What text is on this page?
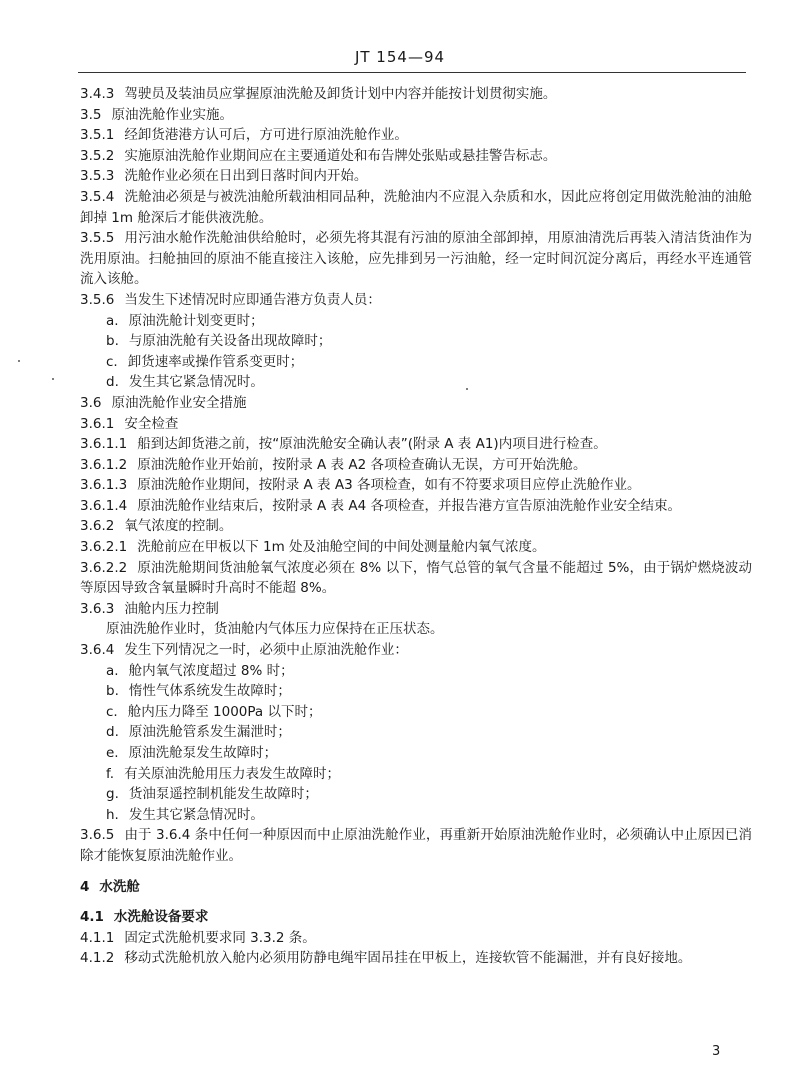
JT 154—94
3.4.3 驾驶员及装油员应掌握原油洗舱及卸货计划中内容并能按计划贯彻实施。
3.5 原油洗舱作业实施。
3.5.1 经卸货港港方认可后，方可进行原油洗舱作业。
3.5.2 实施原油洗舱作业期间应在主要通道处和布告牌处张贴或悬挂警告标志。
3.5.3 洗舱作业必须在日出到日落时间内开始。
3.5.4 洗舱油必须是与被洗油舱所载油相同品种，洗舱油内不应混入杂质和水，因此应将创定用做洗舱油的油舱卸掉 1m 舱深后才能供液洗舱。
3.5.5 用污油水舱作洗舱油供给舱时，必须先将其混有污油的原油全部卸掉，用原油清洗后再装入清洁货油作为洗用原油。扫舱抽回的原油不能直接注入该舱，应先排到另一污油舱，经一定时间沉淀分离后，再经水平连通管流入该舱。
3.5.6 当发生下述情况时应即通告港方负责人员：
a. 原油洗舱计划变更时；
b. 与原油洗舱有关设备出现故障时；
c. 卸货速率或操作管系变更时；
d. 发生其它紧急情况时。
3.6 原油洗舱作业安全措施
3.6.1 安全检查
3.6.1.1 船到达卸货港之前，按“原油洗舱安全确认表”(附录 A 表 A1)内项目进行检查。
3.6.1.2 原油洗舱作业开始前，按附录 A 表 A2 各项检查确认无误，方可开始洗舱。
3.6.1.3 原油洗舱作业期间，按附录 A 表 A3 各项检查，如有不符要求项目应停止洗舱作业。
3.6.1.4 原油洗舱作业结束后，按附录 A 表 A4 各项检查，并报告港方宣告原油洗舱作业安全结束。
3.6.2 氧气浓度的控制。
3.6.2.1 洗舱前应在甲板以下 1m 处及油舱空间的中间处测量舱内氧气浓度。
3.6.2.2 原油洗舱期间货油舱氧气浓度必须在 8% 以下，惰气总管的氧气含量不能超过 5%，由于锅炉燃烧波动等原因导致含氧量瞬时升高时不能超 8%。
3.6.3 油舱内压力控制
原油洗舱作业时，货油舱内气体压力应保持在正压状态。
3.6.4 发生下列情况之一时，必须中止原油洗舱作业：
a. 舱内氧气浓度超过 8% 时；
b. 惰性气体系统发生故障时；
c. 舱内压力降至 1000Pa 以下时；
d. 原油洗舱管系发生漏泄时；
e. 原油洗舱泵发生故障时；
f. 有关原油洗舱用压力表发生故障时；
g. 货油泵遥控制机能发生故障时；
h. 发生其它紧急情况时。
3.6.5 由于 3.6.4 条中任何一种原因而中止原油洗舱作业，再重新开始原油洗舱作业时，必须确认中止原因已消除才能恢复原油洗舱作业。
4 水洗舱
4.1 水洗舱设备要求
4.1.1 固定式洗舱机要求同 3.3.2 条。
4.1.2 移动式洗舱机放入舱内必须用防静电绳牢固吊挂在甲板上，连接软管不能漏泄，并有良好接地。
3
